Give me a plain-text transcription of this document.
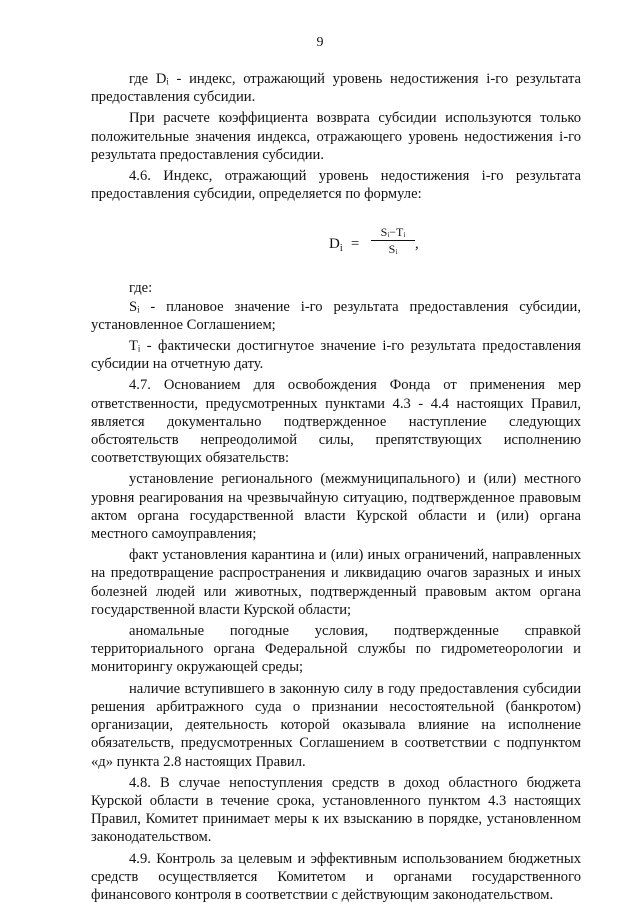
9

где Dᵢ - индекс, отражающий уровень недостижения i-го результата предоставления субсидии.

При расчете коэффициента возврата субсидии используются только положительные значения индекса, отражающего уровень недостижения i-го результата предоставления субсидии.

4.6. Индекс, отражающий уровень недостижения i-го результата предоставления субсидии, определяется по формуле:

$D_i = \frac{\text{Sᵢ−Tᵢ}}{\text{Sᵢ}}$ ,

где:

Sᵢ - плановое значение i-го результата предоставления субсидии, установленное Соглашением;

Tᵢ - фактически достигнутое значение i-го результата предоставления субсидии на отчетную дату.

4.7. Основанием для освобождения Фонда от применения мер ответственности, предусмотренных пунктами 4.3 - 4.4 настоящих Правил, является документально подтвержденное наступление следующих обстоятельств непреодолимой силы, препятствующих исполнению соответствующих обязательств:

установление регионального (межмуниципального) и (или) местного уровня реагирования на чрезвычайную ситуацию, подтвержденное правовым актом органа государственной власти Курской области и (или) органа местного самоуправления;

факт установления карантина и (или) иных ограничений, направленных на предотвращение распространения и ликвидацию очагов заразных и иных болезней людей или животных, подтвержденный правовым актом органа государственной власти Курской области;

аномальные погодные условия, подтвержденные справкой территориального органа Федеральной службы по гидрометеорологии и мониторингу окружающей среды;

наличие вступившего в законную силу в году предоставления субсидии решения арбитражного суда о признании несостоятельной (банкротом) организации, деятельность которой оказывала влияние на исполнение обязательств, предусмотренных Соглашением в соответствии с подпунктом «д» пункта 2.8 настоящих Правил.

4.8. В случае непоступления средств в доход областного бюджета Курской области в течение срока, установленного пунктом 4.3 настоящих Правил, Комитет принимает меры к их взысканию в порядке, установленном законодательством.

4.9. Контроль за целевым и эффективным использованием бюджетных средств осуществляется Комитетом и органами государственного финансового контроля в соответствии с действующим законодательством.
